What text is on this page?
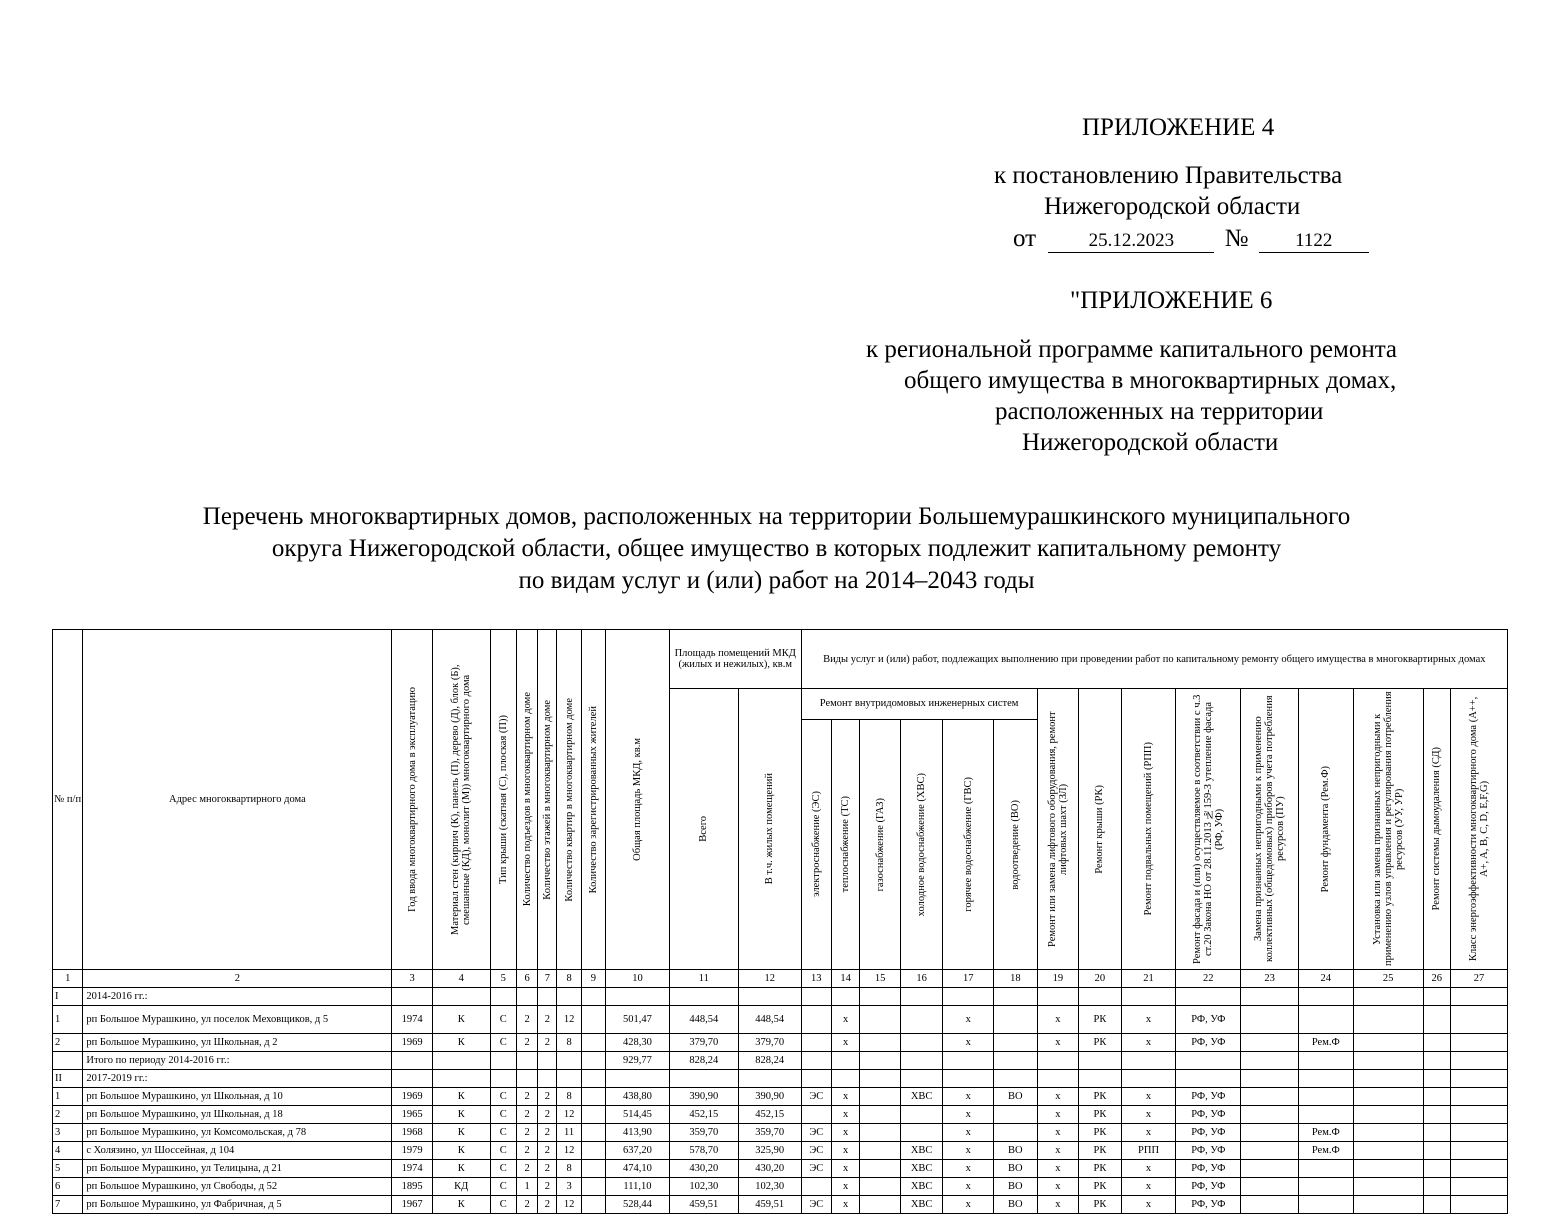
ПРИЛОЖЕНИЕ 4
к постановлению Правительства
Нижегородской области
от	25.12.2023 № 1122
"ПРИЛОЖЕНИЕ 6
к региональной программе капитального ремонта
общего имущества в многоквартирных домах,
расположенных на территории
Нижегородской области
Перечень многоквартирных домов, расположенных на территории Большемурашкинского муниципального
округа Нижегородской области, общее имущество в которых подлежит капитальному ремонту
по видам услуг и (или) работ на 2014–2043 годы
№ п/п	Адрес многоквартирного дома	Год ввода многоквартирного дома в эксплуатацию	Материал стен (кирпич (К), панель (П), дерево (Д), блок (Б), смешанные (КД), монолит (М)) многоквартирного дома	Тип крыши (скатная (С), плоская (П))	Количество подъездов в многоквартирном доме	Количество этажей в многоквартирном доме	Количество квартир в многоквартирном доме	Количество зарегистрированных жителей	Общая площадь МКД, кв.м	Площадь помещений МКД (жилых и нежилых), кв.м		Виды услуг и (или) работ, подлежащих выполнению при проведении работ по капитальному ремонту общего имущества в многоквартирных домах														

										Всего	В т.ч. жилых помещений	Ремонт внутридомовых инженерных систем						Ремонт или замена лифтового оборудования, ремонт лифтовых шахт (ЗЛ)	Ремонт крыши (РК)	Ремонт подвальных помещений (РПП)	Ремонт фасада и (или) осуществляемое в соответствии с ч.3 ст.20 Закона НО от 28.11.2013 №159-З утепление фасада (РФ, УФ)	Замена признанных непригодными к применению коллективных (общедомовых) приборов учета потребления ресурсов (ПУ)	Ремонт фундамента (Рем.Ф)	Установка или замена признанных непригодными к применению узлов управления и регулирования потребления ресурсов (УУ, УР)	Ремонт системы дымоудаления (СД)	Класс энергоэффективности многоквартирного дома (A++, A+, A, B, C, D, E,F,G)

												электроснабжение (ЭС)	теплоснабжение (ТС)	газоснабжение (ГАЗ)	холодное водоснабжение (ХВС)	горячее водоснабжение (ГВС)	водоотведение (ВО)									

1	2	3	4	5	6	7	8	9	10	11	12	13	14	15	16	17	18	19	20	21	22	23	24	25	26	27
I	2014-2016 гг.:																									
1	рп Большое Мурашкино, ул поселок Меховщиков, д 5	1974	К	С	2	2	12		501,47	448,54	448,54		x			x		x	РК	x	РФ, УФ					
2	рп Большое Мурашкино, ул Школьная, д 2	1969	К	С	2	2	8		428,30	379,70	379,70		x			x		x	РК	x	РФ, УФ		Рем.Ф			
	Итого по периоду 2014-2016 гг.:								929,77	828,24	828,24															
II	2017-2019 гг.:																									
1	рп Большое Мурашкино, ул Школьная, д 10	1969	К	С	2	2	8		438,80	390,90	390,90	ЭС	x		ХВС	x	ВО	x	РК	x	РФ, УФ					
2	рп Большое Мурашкино, ул Школьная, д 18	1965	К	С	2	2	12		514,45	452,15	452,15		x			x		x	РК	x	РФ, УФ					
3	рп Большое Мурашкино, ул Комсомольская, д 78	1968	К	С	2	2	11		413,90	359,70	359,70	ЭС	x			x		x	РК	x	РФ, УФ		Рем.Ф			
4	с Холязино, ул Шоссейная, д 104	1979	К	С	2	2	12		637,20	578,70	325,90	ЭС	x		ХВС	x	ВО	x	РК	РПП	РФ, УФ		Рем.Ф			
5	рп Большое Мурашкино, ул Телицына, д 21	1974	К	С	2	2	8		474,10	430,20	430,20	ЭС	x		ХВС	x	ВО	x	РК	x	РФ, УФ					
6	рп Большое Мурашкино, ул Свободы, д 52	1895	КД	С	1	2	3		111,10	102,30	102,30		x		ХВС	x	ВО	x	РК	x	РФ, УФ					
7	рп Большое Мурашкино, ул Фабричная, д 5	1967	К	С	2	2	12		528,44	459,51	459,51	ЭС	x		ХВС	x	ВО	x	РК	x	РФ, УФ					
